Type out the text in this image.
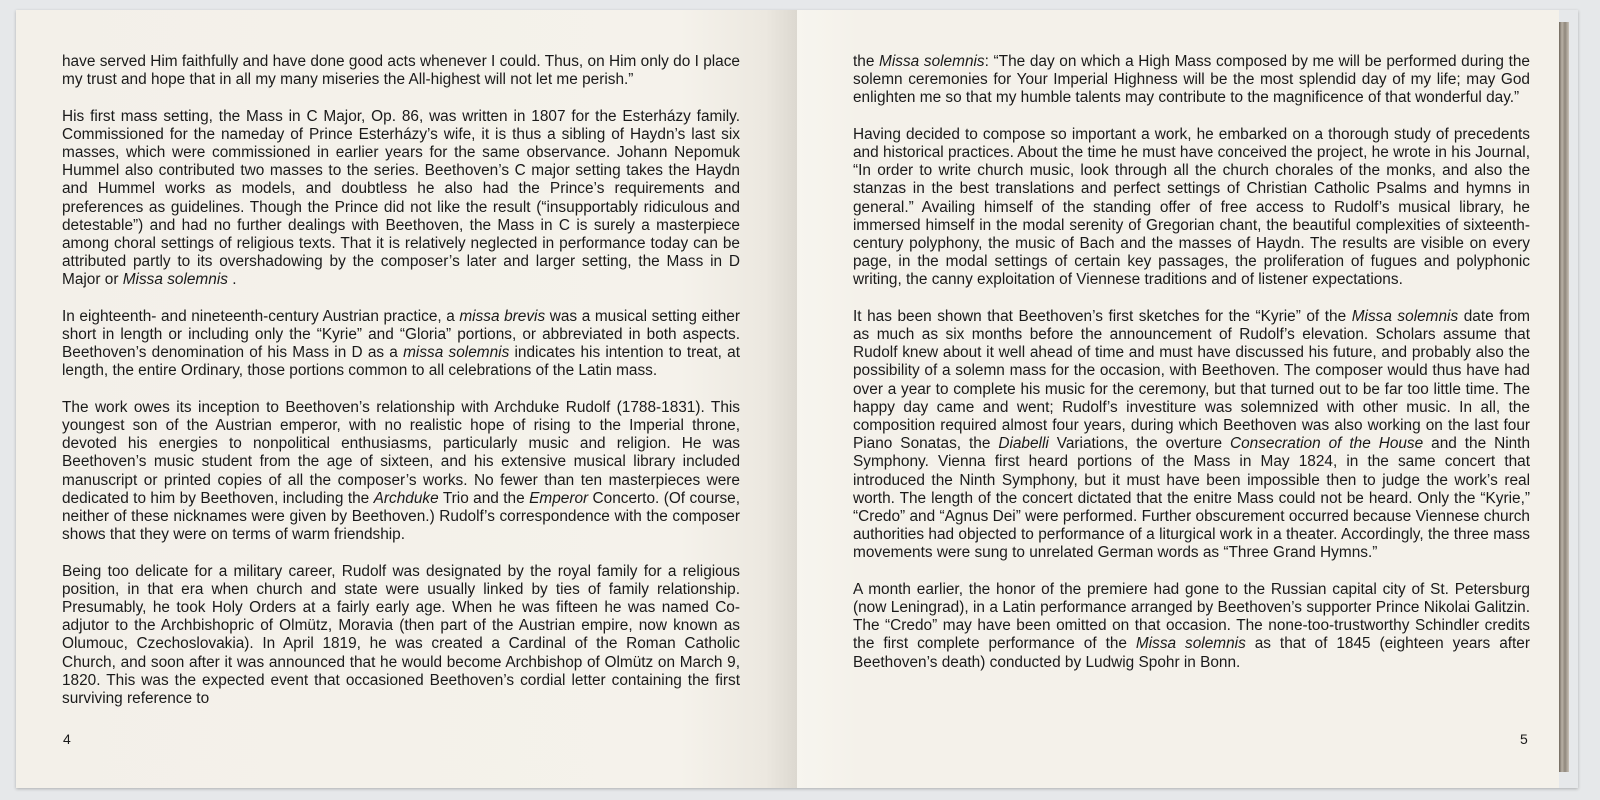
have served Him faithfully and have done good acts whenever I could. Thus, on Him only do I place my trust and hope that in all my many miseries the All-highest will not let me perish.”

His first mass setting, the Mass in C Major, Op. 86, was written in 1807 for the Esterházy family. Commissioned for the nameday of Prince Esterházy’s wife, it is thus a sibling of Haydn’s last six masses, which were commissioned in earlier years for the same observance. Johann Nepomuk Hummel also contributed two masses to the series. Beethoven’s C major setting takes the Haydn and Hummel works as models, and doubtless he also had the Prince’s requirements and preferences as guidelines. Though the Prince did not like the result (“insupportably ridiculous and detestable”) and had no further dealings with Beethoven, the Mass in C is surely a masterpiece among choral settings of religious texts. That it is relatively neglected in performance today can be attributed partly to its overshadowing by the composer’s later and larger setting, the Mass in D Major or Missa solemnis .

In eighteenth- and nineteenth-century Austrian practice, a missa brevis was a musical setting either short in length or including only the “Kyrie” and “Gloria” portions, or abbreviated in both aspects. Beethoven’s denomination of his Mass in D as a missa solemnis indicates his intention to treat, at length, the entire Ordinary, those portions common to all celebrations of the Latin mass.

The work owes its inception to Beethoven’s relationship with Archduke Rudolf (1788-1831). This youngest son of the Austrian emperor, with no realistic hope of rising to the Imperial throne, devoted his energies to nonpolitical enthusiasms, particularly music and religion. He was Beethoven’s music student from the age of sixteen, and his extensive musical library included manuscript or printed copies of all the composer’s works. No fewer than ten masterpieces were dedicated to him by Beethoven, including the Archduke Trio and the Emperor Concerto. (Of course, neither of these nicknames were given by Beethoven.) Rudolf’s correspondence with the composer shows that they were on terms of warm friendship.

Being too delicate for a military career, Rudolf was designated by the royal family for a religious position, in that era when church and state were usually linked by ties of family relationship. Presumably, he took Holy Orders at a fairly early age. When he was fifteen he was named Co-adjutor to the Archbishopric of Olmütz, Moravia (then part of the Austrian empire, now known as Olumouc, Czechoslovakia). In April 1819, he was created a Cardinal of the Roman Catholic Church, and soon after it was announced that he would become Archbishop of Olmütz on March 9, 1820. This was the expected event that occasioned Beethoven’s cordial letter containing the first surviving reference to

4

the Missa solemnis: “The day on which a High Mass composed by me will be performed during the solemn ceremonies for Your Imperial Highness will be the most splendid day of my life; may God enlighten me so that my humble talents may contribute to the magnificence of that wonderful day.”

Having decided to compose so important a work, he embarked on a thorough study of precedents and historical practices. About the time he must have conceived the project, he wrote in his Journal, “In order to write church music, look through all the church chorales of the monks, and also the stanzas in the best translations and perfect settings of Christian Catholic Psalms and hymns in general.” Availing himself of the standing offer of free access to Rudolf’s musical library, he immersed himself in the modal serenity of Gregorian chant, the beautiful complexities of sixteenth-century polyphony, the music of Bach and the masses of Haydn. The results are visible on every page, in the modal settings of certain key passages, the proliferation of fugues and polyphonic writing, the canny exploitation of Viennese traditions and of listener expectations.

It has been shown that Beethoven’s first sketches for the “Kyrie” of the Missa solemnis date from as much as six months before the announcement of Rudolf’s elevation. Scholars assume that Rudolf knew about it well ahead of time and must have discussed his future, and probably also the possibility of a solemn mass for the occasion, with Beethoven. The composer would thus have had over a year to complete his music for the ceremony, but that turned out to be far too little time. The happy day came and went; Rudolf’s investiture was solemnized with other music. In all, the composition required almost four years, during which Beethoven was also working on the last four Piano Sonatas, the Diabelli Variations, the overture Consecration of the House and the Ninth Symphony. Vienna first heard portions of the Mass in May 1824, in the same concert that introduced the Ninth Symphony, but it must have been impossible then to judge the work’s real worth. The length of the concert dictated that the enitre Mass could not be heard. Only the “Kyrie,” “Credo” and “Agnus Dei” were performed. Further obscurement occurred because Viennese church authorities had objected to performance of a liturgical work in a theater. Accordingly, the three mass movements were sung to unrelated German words as “Three Grand Hymns.”

A month earlier, the honor of the premiere had gone to the Russian capital city of St. Petersburg (now Leningrad), in a Latin performance arranged by Beethoven’s supporter Prince Nikolai Galitzin. The “Credo” may have been omitted on that occasion. The none-too-trustworthy Schindler credits the first complete performance of the Missa solemnis as that of 1845 (eighteen years after Beethoven’s death) conducted by Ludwig Spohr in Bonn.

5
